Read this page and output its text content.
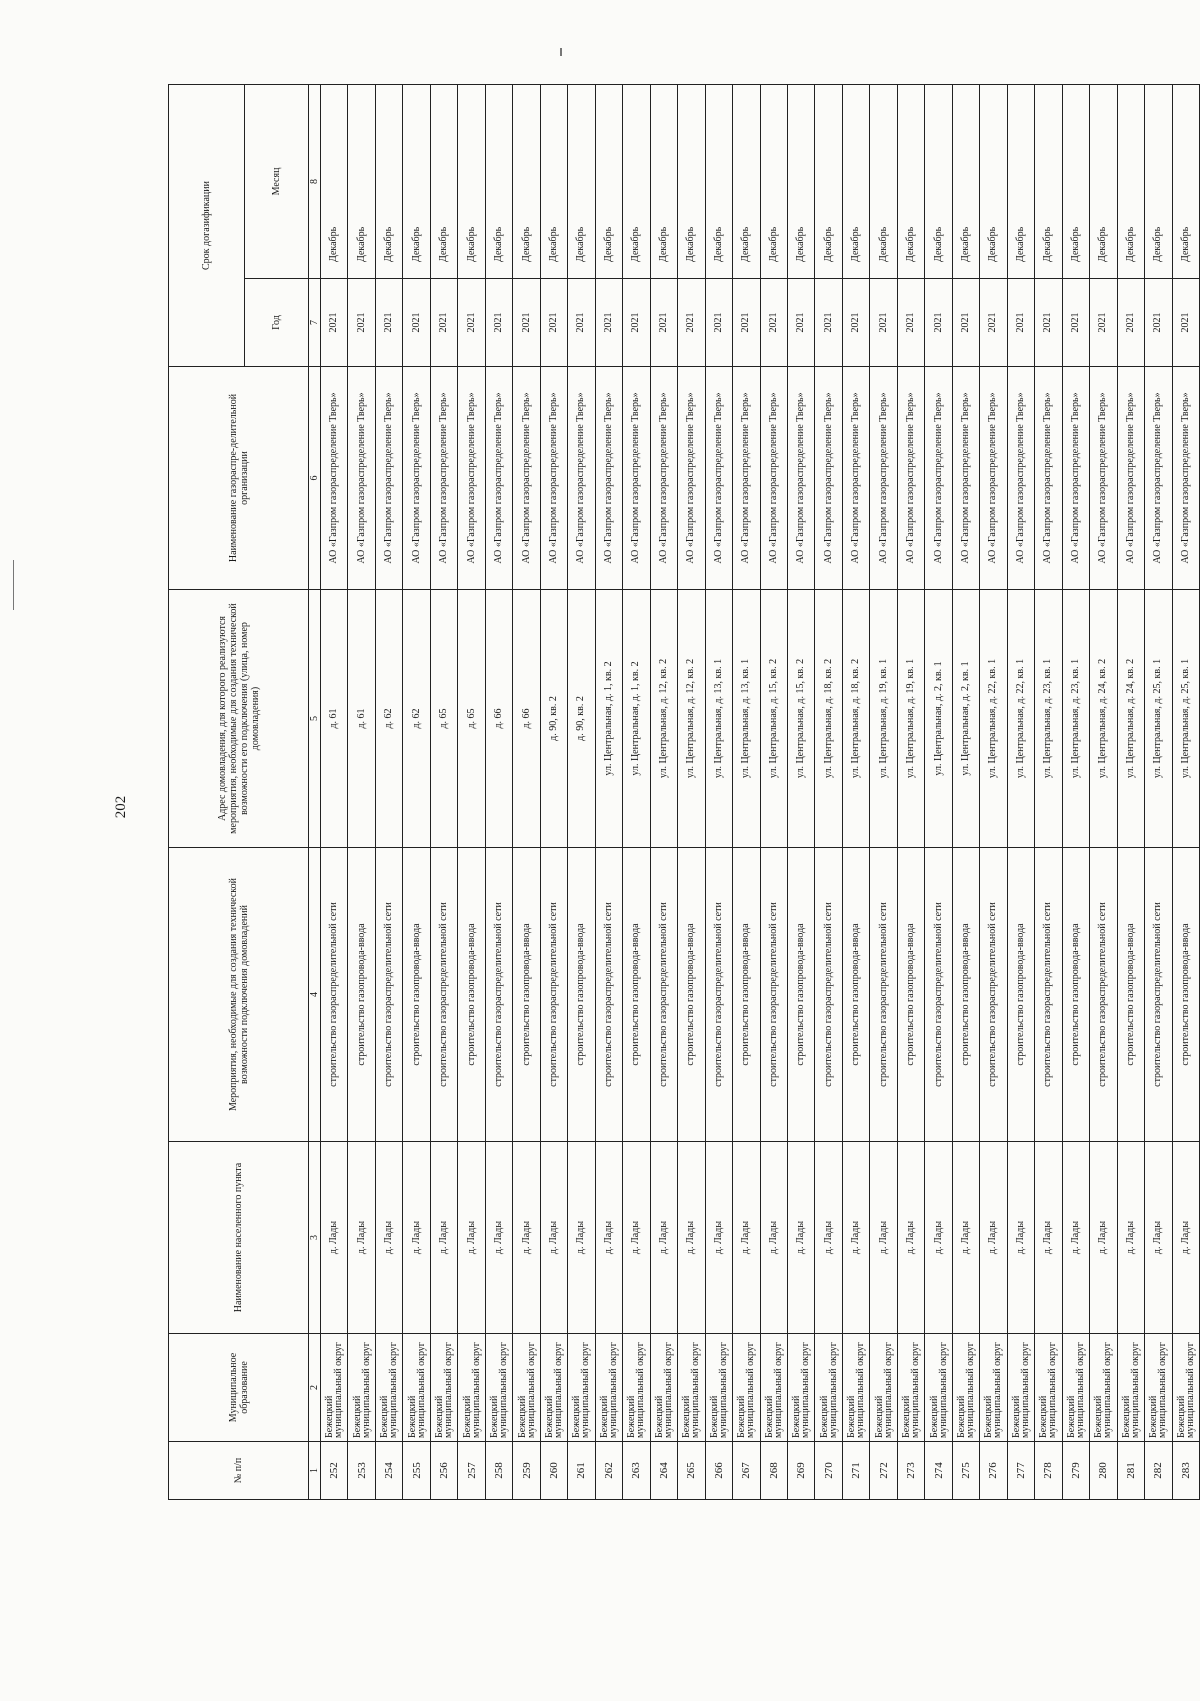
202
№ п/п	Муниципальное образование	Наименование населенного пункта	Мероприятия, необходимые для создания технической возможности подключения домовладений	Адрес домовладения, для которого реализуются мероприятия, необходимые для создания технической возможности его подключения (улица, номер домовладения)	Наименование газораспре-делительной организации	Срок догазификации	
						Год	Месяц
1	2	3	4	5	6	7	8
252	Бежецкий муниципальный округ	д. Лады	строительство газораспределительной сети	д. 61	АО «Газпром газораспределение Тверь»	2021	Декабрь
253	Бежецкий муниципальный округ	д. Лады	строительство газопровода-ввода	д. 61	АО «Газпром газораспределение Тверь»	2021	Декабрь
254	Бежецкий муниципальный округ	д. Лады	строительство газораспределительной сети	д. 62	АО «Газпром газораспределение Тверь»	2021	Декабрь
255	Бежецкий муниципальный округ	д. Лады	строительство газопровода-ввода	д. 62	АО «Газпром газораспределение Тверь»	2021	Декабрь
256	Бежецкий муниципальный округ	д. Лады	строительство газораспределительной сети	д. 65	АО «Газпром газораспределение Тверь»	2021	Декабрь
257	Бежецкий муниципальный округ	д. Лады	строительство газопровода-ввода	д. 65	АО «Газпром газораспределение Тверь»	2021	Декабрь
258	Бежецкий муниципальный округ	д. Лады	строительство газораспределительной сети	д. 66	АО «Газпром газораспределение Тверь»	2021	Декабрь
259	Бежецкий муниципальный округ	д. Лады	строительство газопровода-ввода	д. 66	АО «Газпром газораспределение Тверь»	2021	Декабрь
260	Бежецкий муниципальный округ	д. Лады	строительство газораспределительной сети	д. 90, кв. 2	АО «Газпром газораспределение Тверь»	2021	Декабрь
261	Бежецкий муниципальный округ	д. Лады	строительство газопровода-ввода	д. 90, кв. 2	АО «Газпром газораспределение Тверь»	2021	Декабрь
262	Бежецкий муниципальный округ	д. Лады	строительство газораспределительной сети	ул. Центральная, д. 1, кв. 2	АО «Газпром газораспределение Тверь»	2021	Декабрь
263	Бежецкий муниципальный округ	д. Лады	строительство газопровода-ввода	ул. Центральная, д. 1, кв. 2	АО «Газпром газораспределение Тверь»	2021	Декабрь
264	Бежецкий муниципальный округ	д. Лады	строительство газораспределительной сети	ул. Центральная, д. 12, кв. 2	АО «Газпром газораспределение Тверь»	2021	Декабрь
265	Бежецкий муниципальный округ	д. Лады	строительство газопровода-ввода	ул. Центральная, д. 12, кв. 2	АО «Газпром газораспределение Тверь»	2021	Декабрь
266	Бежецкий муниципальный округ	д. Лады	строительство газораспределительной сети	ул. Центральная, д. 13, кв. 1	АО «Газпром газораспределение Тверь»	2021	Декабрь
267	Бежецкий муниципальный округ	д. Лады	строительство газопровода-ввода	ул. Центральная, д. 13, кв. 1	АО «Газпром газораспределение Тверь»	2021	Декабрь
268	Бежецкий муниципальный округ	д. Лады	строительство газораспределительной сети	ул. Центральная, д. 15, кв. 2	АО «Газпром газораспределение Тверь»	2021	Декабрь
269	Бежецкий муниципальный округ	д. Лады	строительство газопровода-ввода	ул. Центральная, д. 15, кв. 2	АО «Газпром газораспределение Тверь»	2021	Декабрь
270	Бежецкий муниципальный округ	д. Лады	строительство газораспределительной сети	ул. Центральная, д. 18, кв. 2	АО «Газпром газораспределение Тверь»	2021	Декабрь
271	Бежецкий муниципальный округ	д. Лады	строительство газопровода-ввода	ул. Центральная, д. 18, кв. 2	АО «Газпром газораспределение Тверь»	2021	Декабрь
272	Бежецкий муниципальный округ	д. Лады	строительство газораспределительной сети	ул. Центральная, д. 19, кв. 1	АО «Газпром газораспределение Тверь»	2021	Декабрь
273	Бежецкий муниципальный округ	д. Лады	строительство газопровода-ввода	ул. Центральная, д. 19, кв. 1	АО «Газпром газораспределение Тверь»	2021	Декабрь
274	Бежецкий муниципальный округ	д. Лады	строительство газораспределительной сети	ул. Центральная, д. 2, кв. 1	АО «Газпром газораспределение Тверь»	2021	Декабрь
275	Бежецкий муниципальный округ	д. Лады	строительство газопровода-ввода	ул. Центральная, д. 2, кв. 1	АО «Газпром газораспределение Тверь»	2021	Декабрь
276	Бежецкий муниципальный округ	д. Лады	строительство газораспределительной сети	ул. Центральная, д. 22, кв. 1	АО «Газпром газораспределение Тверь»	2021	Декабрь
277	Бежецкий муниципальный округ	д. Лады	строительство газопровода-ввода	ул. Центральная, д. 22, кв. 1	АО «Газпром газораспределение Тверь»	2021	Декабрь
278	Бежецкий муниципальный округ	д. Лады	строительство газораспределительной сети	ул. Центральная, д. 23, кв. 1	АО «Газпром газораспределение Тверь»	2021	Декабрь
279	Бежецкий муниципальный округ	д. Лады	строительство газопровода-ввода	ул. Центральная, д. 23, кв. 1	АО «Газпром газораспределение Тверь»	2021	Декабрь
280	Бежецкий муниципальный округ	д. Лады	строительство газораспределительной сети	ул. Центральная, д. 24, кв. 2	АО «Газпром газораспределение Тверь»	2021	Декабрь
281	Бежецкий муниципальный округ	д. Лады	строительство газопровода-ввода	ул. Центральная, д. 24, кв. 2	АО «Газпром газораспределение Тверь»	2021	Декабрь
282	Бежецкий муниципальный округ	д. Лады	строительство газораспределительной сети	ул. Центральная, д. 25, кв. 1	АО «Газпром газораспределение Тверь»	2021	Декабрь
283	Бежецкий муниципальный округ	д. Лады	строительство газопровода-ввода	ул. Центральная, д. 25, кв. 1	АО «Газпром газораспределение Тверь»	2021	Декабрь
